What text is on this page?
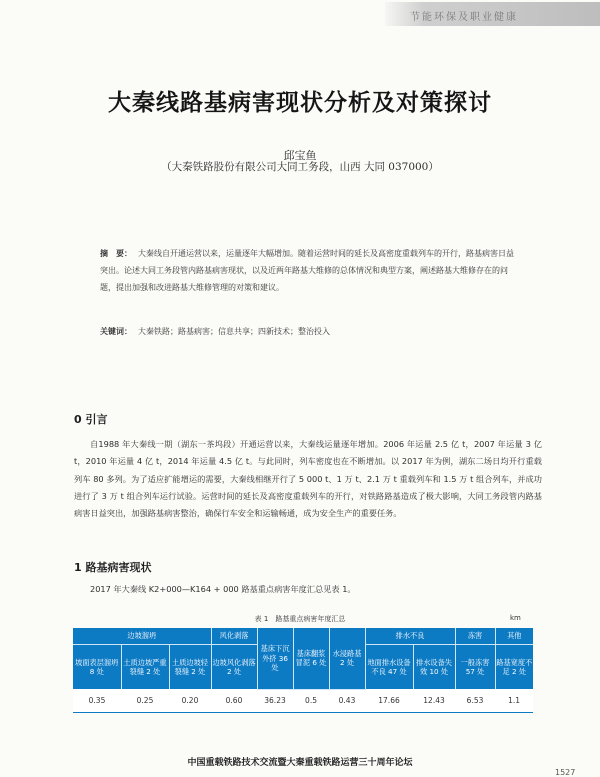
节能环保及职业健康
大秦线路基病害现状分析及对策探讨
邱宝鱼
（大秦铁路股份有限公司大同工务段，山西 大同 037000）
摘　要： 大秦线自开通运营以来，运量逐年大幅增加。随着运营时间的延长及高密度重载列车的开行，路基病害日益突出。论述大同工务段管内路基病害现状，以及近两年路基大维修的总体情况和典型方案，阐述路基大维修存在的问题，提出加强和改进路基大维修管理的对策和建议。
关键词： 大秦铁路；路基病害；信息共享；四新技术；整治投入
0 引言
自1988 年大秦线一期（湖东一茶坞段）开通运营以来，大秦线运量逐年增加。2006 年运量 2.5 亿 t，2007 年运量 3 亿 t，2010 年运量 4 亿 t，2014 年运量 4.5 亿 t。与此同时，列车密度也在不断增加。以 2017 年为例，湖东二场日均开行重载列车 80 多列。为了适应扩能增运的需要，大秦线相继开行了 5 000 t、1 万 t、2.1 万 t 重载列车和 1.5 万 t 组合列车，并成功进行了 3 万 t 组合列车运行试验。运营时间的延长及高密度重载列车的开行，对铁路路基造成了极大影响，大同工务段管内路基病害日益突出，加强路基病害整治，确保行车安全和运输畅通，成为安全生产的重要任务。
1 路基病害现状
2017 年大秦线 K2+000—K164 + 000 路基重点病害年度汇总见表 1。
表 1　路基重点病害年度汇总	km
边坡溜坍			风化剥落	基床下沉外挤 36 处	基床翻浆冒泥 6 处	水浸路基 2 处	排水不良		冻害	其他
坡面表层溜坍 8 处	土质边坡严重裂缝 2 处	土质边坡轻裂缝 2 处	边坡风化剥落 2 处				地面排水设备不良 47 处	排水设备失效 10 处	一般冻害 57 处	路基宽度不足 2 处
0.35	0.25	0.20	0.60	36.23	0.5	0.43	17.66	12.43	6.53	1.1
中国重载铁路技术交流暨大秦重载铁路运营三十周年论坛
1527
